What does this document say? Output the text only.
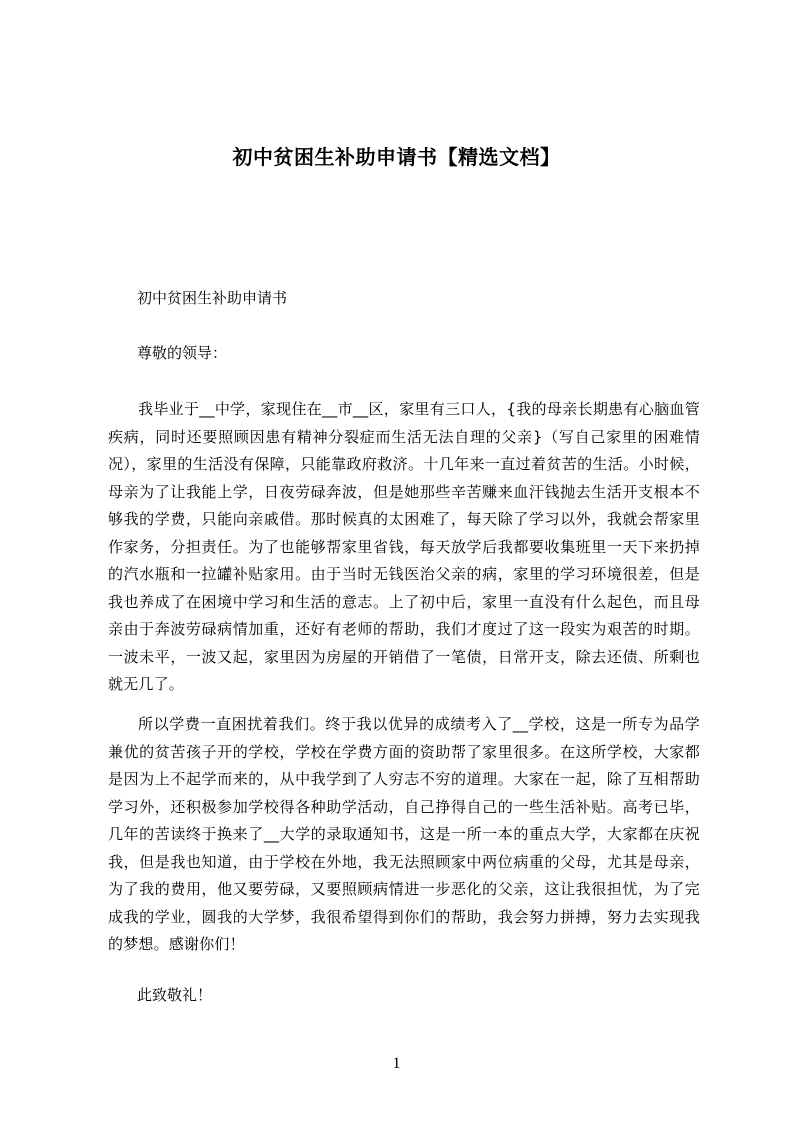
初中贫困生补助申请书【精选文档】
初中贫困生补助申请书
尊敬的领导：
我毕业于__中学，家现住在__市__区，家里有三口人，{我的母亲长期患有心脑血管疾病，同时还要照顾因患有精神分裂症而生活无法自理的父亲}（写自己家里的困难情况），家里的生活没有保障，只能靠政府救济。十几年来一直过着贫苦的生活。小时候，母亲为了让我能上学，日夜劳碌奔波，但是她那些辛苦赚来血汗钱抛去生活开支根本不够我的学费，只能向亲戚借。那时候真的太困难了，每天除了学习以外，我就会帮家里作家务，分担责任。为了也能够帮家里省钱，每天放学后我都要收集班里一天下来扔掉的汽水瓶和一拉罐补贴家用。由于当时无钱医治父亲的病，家里的学习环境很差，但是我也养成了在困境中学习和生活的意志。上了初中后，家里一直没有什么起色，而且母亲由于奔波劳碌病情加重，还好有老师的帮助，我们才度过了这一段实为艰苦的时期。一波未平，一波又起，家里因为房屋的开销借了一笔债，日常开支，除去还债、所剩也就无几了。
所以学费一直困扰着我们。终于我以优异的成绩考入了__学校，这是一所专为品学兼优的贫苦孩子开的学校，学校在学费方面的资助帮了家里很多。在这所学校，大家都是因为上不起学而来的，从中我学到了人穷志不穷的道理。大家在一起，除了互相帮助学习外，还积极参加学校得各种助学活动，自己挣得自己的一些生活补贴。高考已毕，几年的苦读终于换来了__大学的录取通知书，这是一所一本的重点大学，大家都在庆祝我，但是我也知道，由于学校在外地，我无法照顾家中两位病重的父母，尤其是母亲，为了我的费用，他又要劳碌，又要照顾病情进一步恶化的父亲，这让我很担忧，为了完成我的学业，圆我的大学梦，我很希望得到你们的帮助，我会努力拼搏，努力去实现我的梦想。感谢你们！
此致敬礼！
1
